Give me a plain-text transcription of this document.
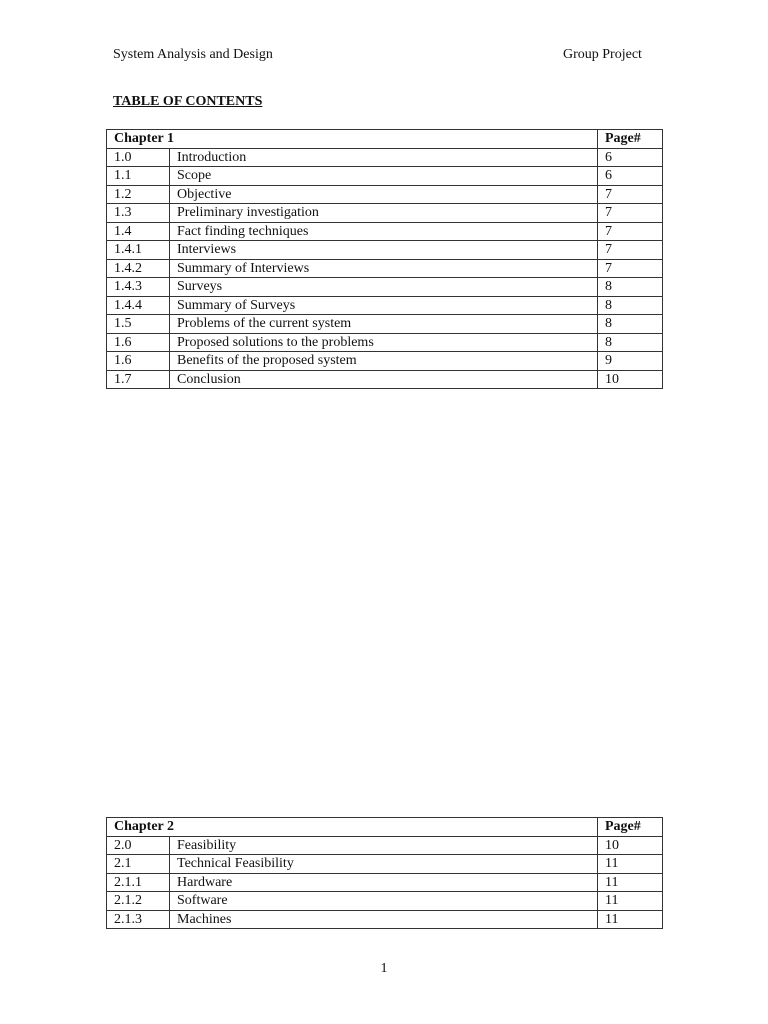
System Analysis and Design	Group Project
TABLE OF CONTENTS
Chapter 1		Page#
1.0	Introduction	6
1.1	Scope	6
1.2	Objective	7
1.3	Preliminary investigation	7
1.4	Fact finding techniques	7
1.4.1	Interviews	7
1.4.2	Summary of Interviews	7
1.4.3	Surveys	8
1.4.4	Summary of Surveys	8
1.5	Problems of the current system	8
1.6	Proposed solutions to the problems	8
1.6	Benefits of the proposed system	9
1.7	Conclusion	10
Chapter 2		Page#
2.0	Feasibility	10
2.1	Technical Feasibility	11
2.1.1	Hardware	11
2.1.2	Software	11
2.1.3	Machines	11
1
